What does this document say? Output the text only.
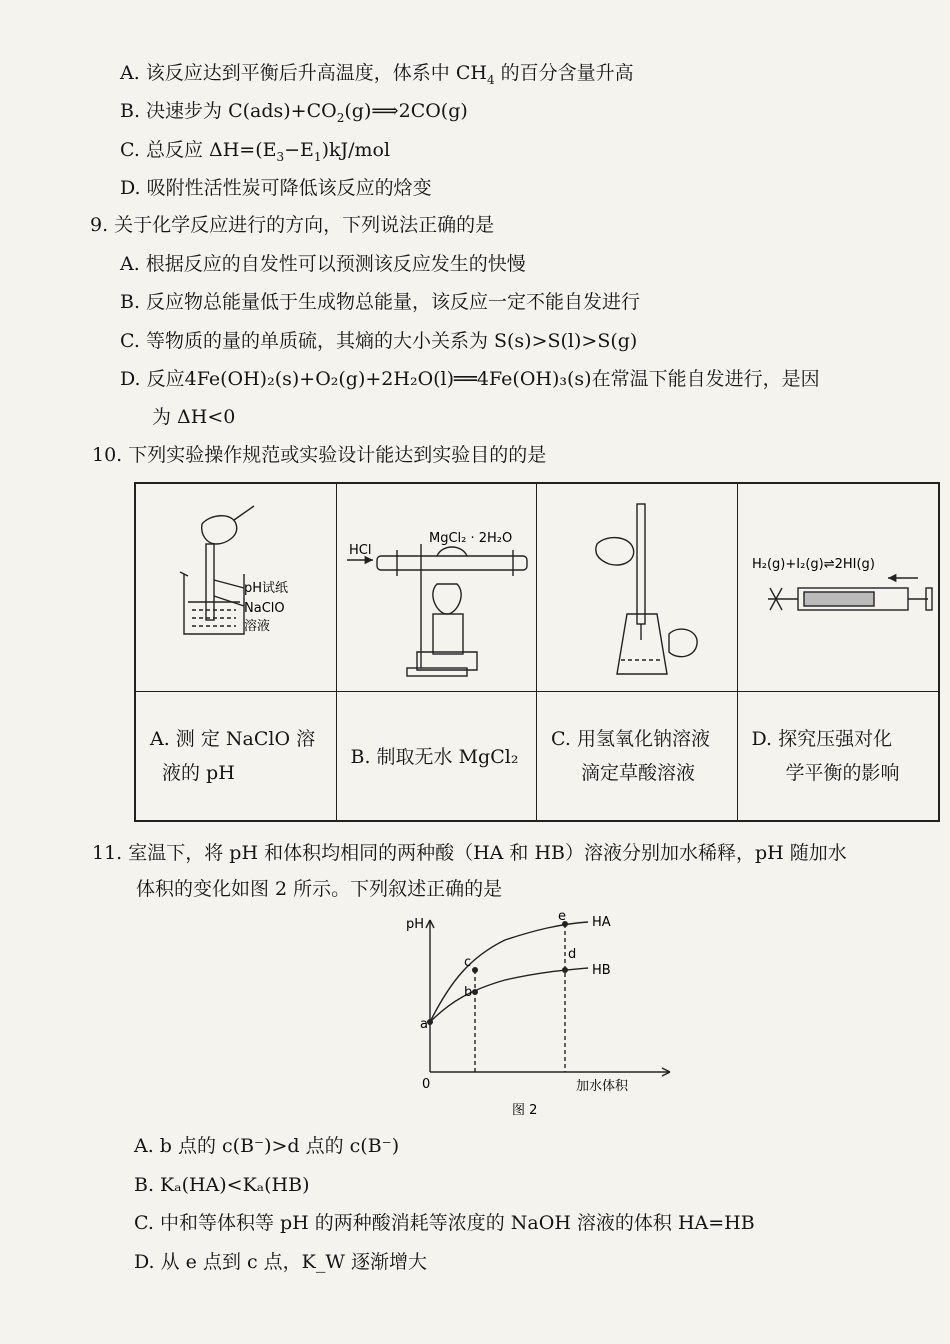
A. 该反应达到平衡后升高温度，体系中 $CH_4$ 的百分含量升高
B. 决速步为 $C(ads)+CO_2(g)⟹2CO(g)$
C. 总反应 $\Delta H=(E_3-E_1)kJ$/mol
D. 吸附性活性炭可降低该反应的焓变
9. 关于化学反应进行的方向，下列说法正确的是
A. 根据反应的自发性可以预测该反应发生的快慢
B. 反应物总能量低于生成物总能量，该反应一定不能自发进行
C. 等物质的量的单质硫，其熵的大小关系为 S(s)>S(l)>S(g)
D. 反应4Fe(OH)₂(s)+O₂(g)+2H₂O(l)══4Fe(OH)₃(s)在常温下能自发进行，是因
为 ΔH<0
10. 下列实验操作规范或实验设计能达到实验目的的是
pH试纸
NaClO
溶液
HCl
MgCl₂ · 2H₂O
H₂(g)+I₂(g)⇌2HI(g)
A. 测 定 NaClO 溶
液的 pH
B. 制取无水 MgCl₂
C. 用氢氧化钠溶液
滴定草酸溶液
D. 探究压强对化
学平衡的影响
11. 室温下，将 pH 和体积均相同的两种酸（HA 和 HB）溶液分别加水稀释，pH 随加水
体积的变化如图 2 所示。下列叙述正确的是
pH
0	加水体积
HA
HB
a
b
c
d
e
图 2
A. b 点的 c(B⁻)>d 点的 c(B⁻)
B. Kₐ(HA)<Kₐ(HB)
C. 中和等体积等 pH 的两种酸消耗等浓度的 NaOH 溶液的体积 HA=HB
D. 从 e 点到 c 点，K_W 逐渐增大
